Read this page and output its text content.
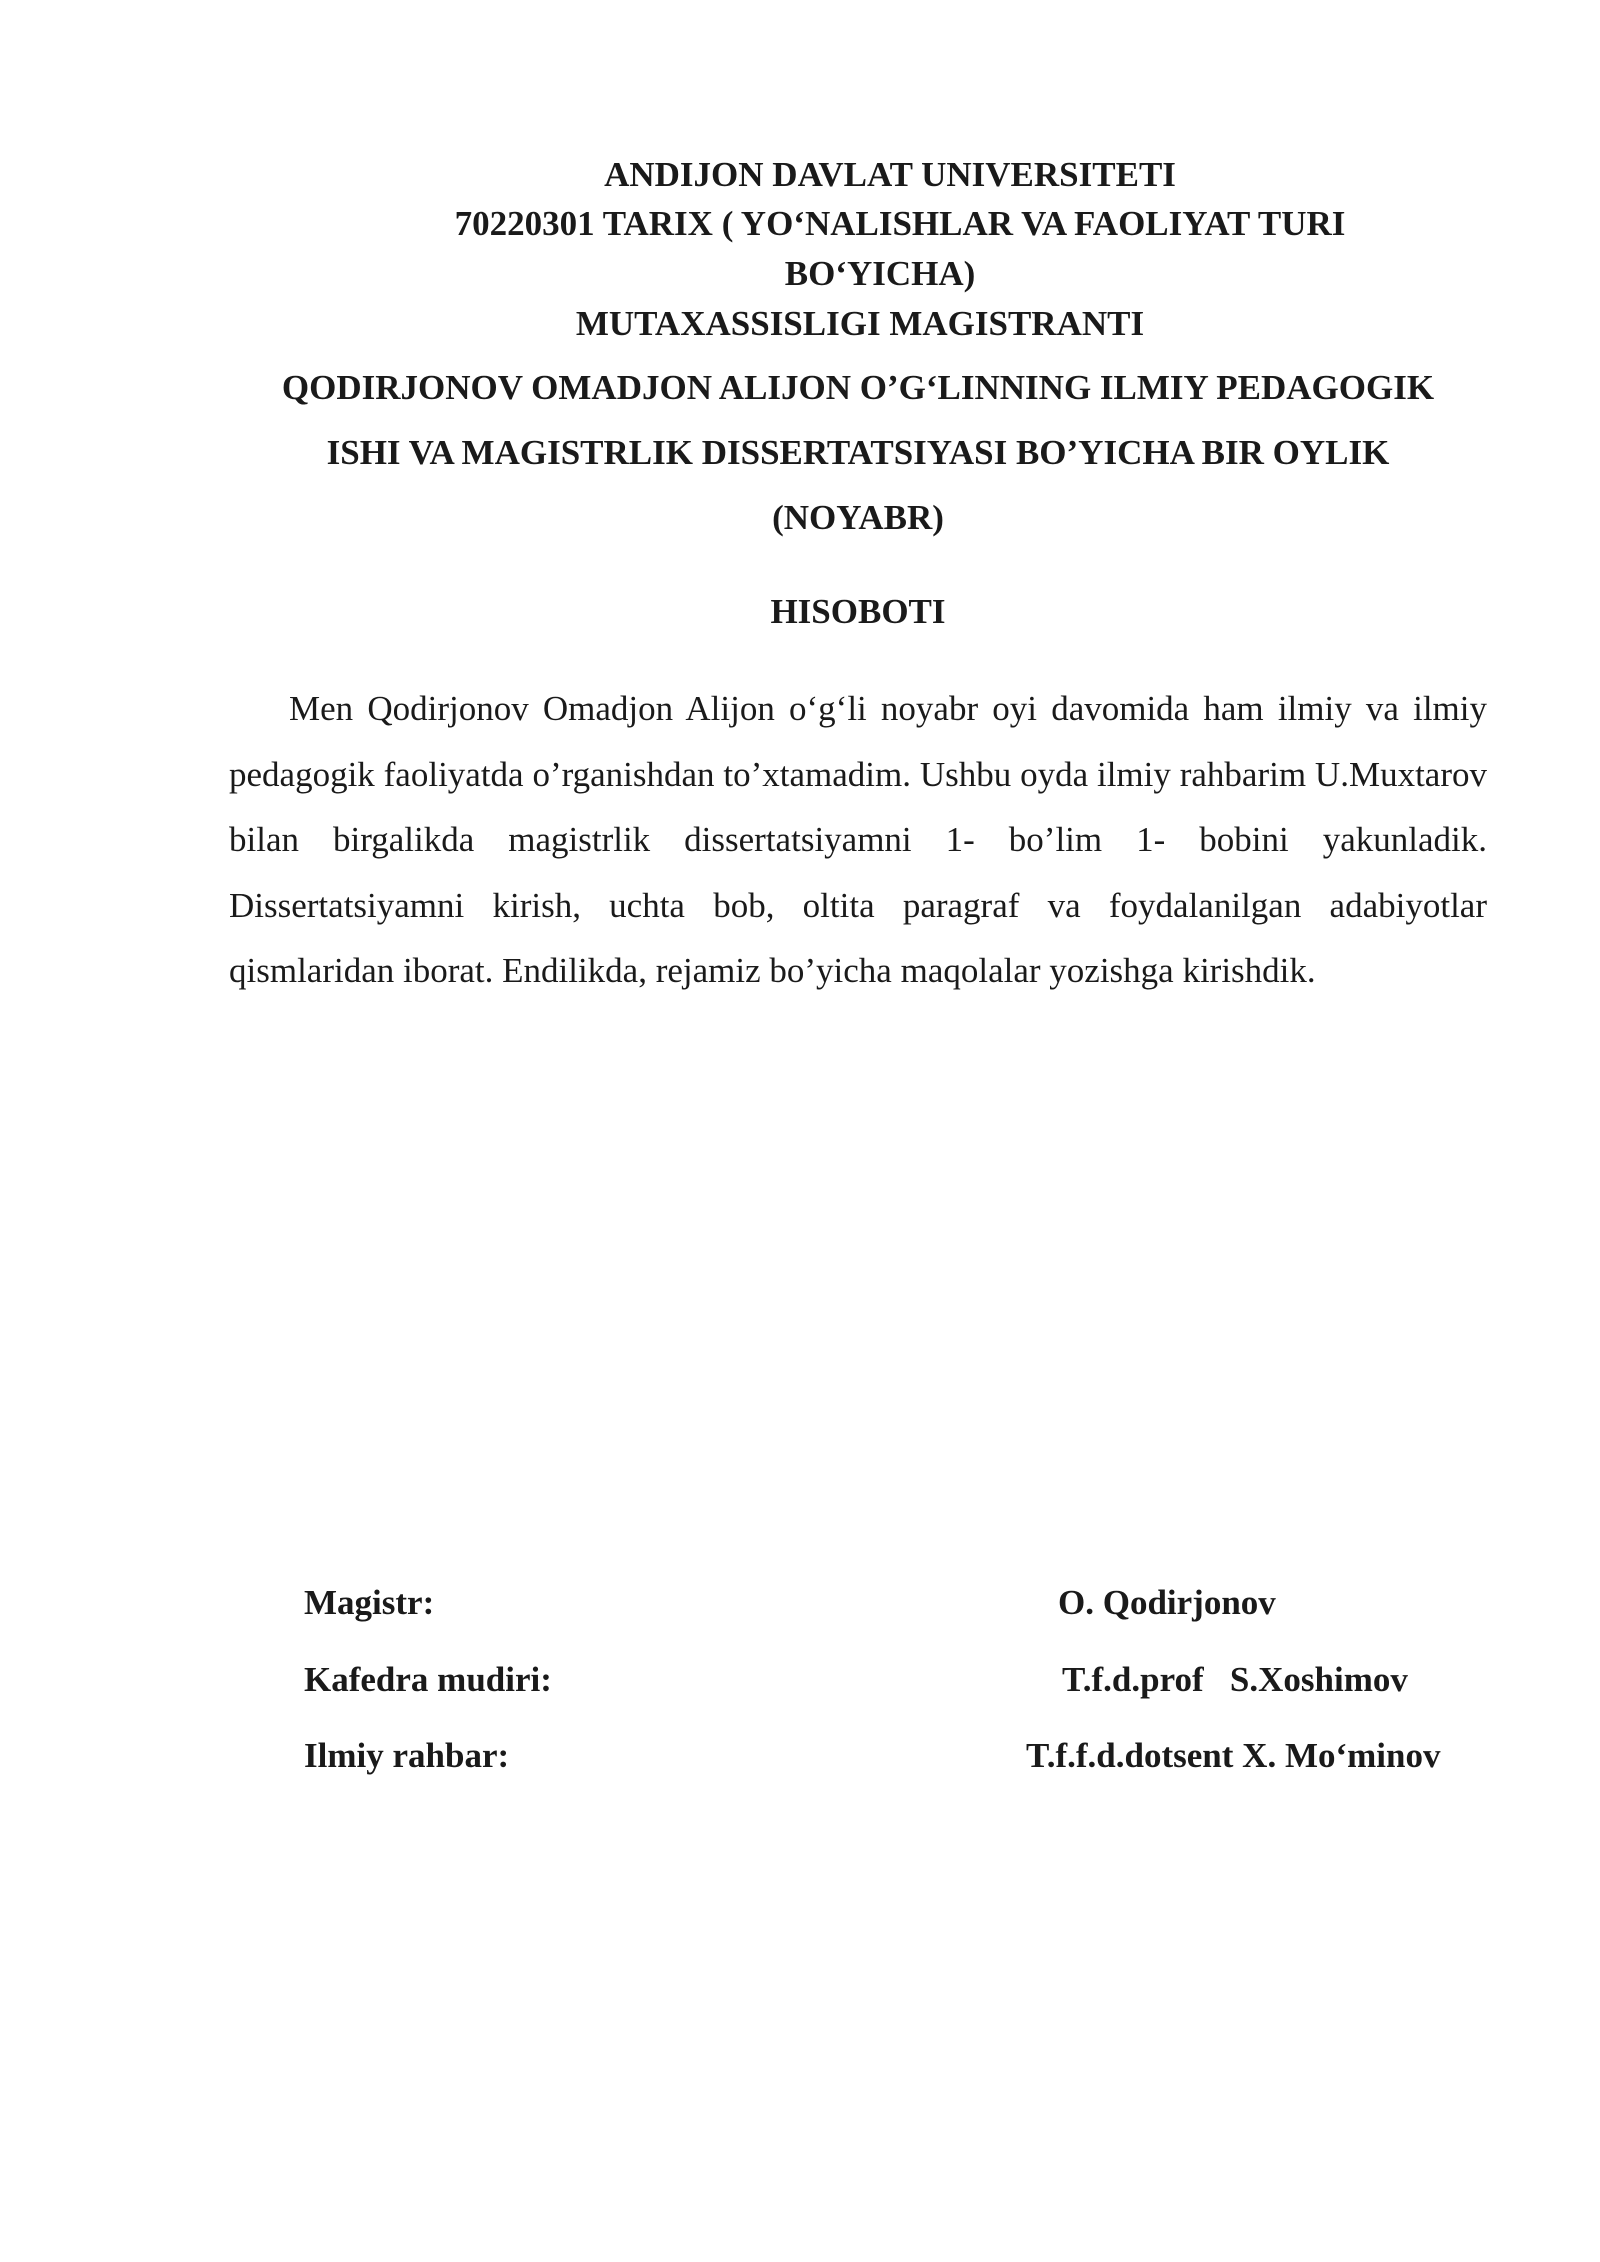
ANDIJON DAVLAT UNIVERSITETI
70220301 TARIX ( YO‘NALISHLAR VA FAOLIYAT TURI
BO‘YICHA)
MUTAXASSISLIGI MAGISTRANTI
QODIRJONOV OMADJON ALIJON O’G‘LINNING ILMIY PEDAGOGIK
ISHI VA MAGISTRLIK DISSERTATSIYASI BO’YICHA BIR OYLIK
(NOYABR)
HISOBOTI

Men Qodirjonov Omadjon Alijon o‘g‘li noyabr oyi davomida ham ilmiy va ilmiy pedagogik faoliyatda o’rganishdan to’xtamadim. Ushbu oyda ilmiy rahbarim U.Muxtarov bilan birgalikda magistrlik dissertatsiyamni 1- bo’lim 1- bobini yakunladik. Dissertatsiyamni kirish, uchta bob, oltita paragraf va foydalanilgan adabiyotlar qismlaridan iborat. Endilikda, rejamiz bo’yicha maqolalar yozishga kirishdik.

Magistr:	O. Qodirjonov
Kafedra mudiri:	T.f.d.prof   S.Xoshimov
Ilmiy rahbar:	T.f.f.d.dotsent X. Mo‘minov
